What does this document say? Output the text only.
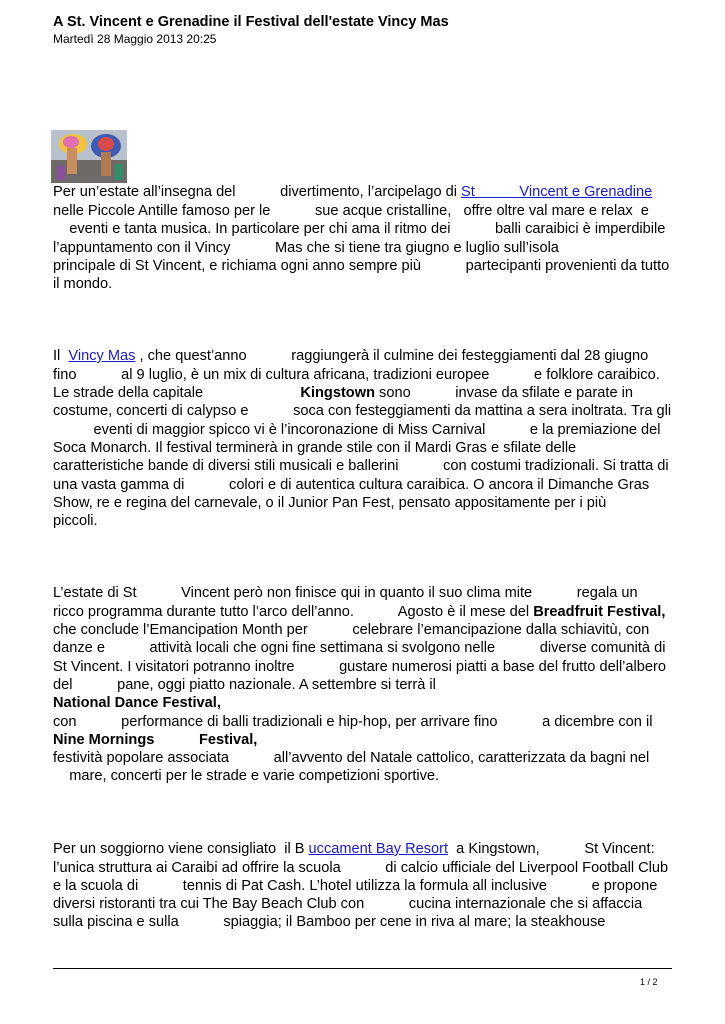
A St. Vincent e Grenadine il Festival dell'estate Vincy Mas
Martedì 28 Maggio 2013 20:25
Per un’estate all’insegna del           divertimento, l’arcipelago di St           Vincent e Grenadine
nelle Piccole Antille famoso per le           sue acque cristalline,   offre oltre val mare e relax  e
eventi e tanta musica. In particolare per chi ama il ritmo dei           balli caraibici è imperdibile
l’appuntamento con il Vincy           Mas che si tiene tra giugno e luglio sull’isola
principale di St Vincent, e richiama ogni anno sempre più           partecipanti provenienti da tutto
il mondo.
Il  Vincy Mas , che quest’anno           raggiungerà il culmine dei festeggiamenti dal 28 giugno
fino           al 9 luglio, è un mix di cultura africana, tradizioni europee           e folklore caraibico.
Le strade della capitale                        Kingstown sono           invase da sfilate e parate in
costume, concerti di calypso e           soca con festeggiamenti da mattina a sera inoltrata. Tra gli
eventi di maggior spicco vi è l’incoronazione di Miss Carnival           e la premiazione del
Soca Monarch. Il festival terminerà in grande stile con il Mardi Gras e sfilate delle
caratteristiche bande di diversi stili musicali e ballerini           con costumi tradizionali. Si tratta di
una vasta gamma di           colori e di autentica cultura caraibica. O ancora il Dimanche Gras
Show, re e regina del carnevale, o il Junior Pan Fest, pensato appositamente per i più
piccoli.
L’estate di St           Vincent però non finisce qui in quanto il suo clima mite           regala un
ricco programma durante tutto l’arco dell’anno.           Agosto è il mese del Breadfruit Festival,
che conclude l’Emancipation Month per           celebrare l’emancipazione dalla schiavitù, con
danze e           attività locali che ogni fine settimana si svolgono nelle           diverse comunità di
St Vincent. I visitatori potranno inoltre           gustare numerosi piatti a base del frutto dell’albero
del           pane, oggi piatto nazionale. A settembre si terrà il
National Dance Festival,
con           performance di balli tradizionali e hip-hop, per arrivare fino           a dicembre con il
Nine Mornings           Festival,
festività popolare associata           all’avvento del Natale cattolico, caratterizzata da bagni nel
mare, concerti per le strade e varie competizioni sportive.
Per un soggiorno viene consigliato  il B uccament Bay Resort  a Kingstown,           St Vincent:
l’unica struttura ai Caraibi ad offrire la scuola           di calcio ufficiale del Liverpool Football Club
e la scuola di           tennis di Pat Cash. L’hotel utilizza la formula all inclusive           e propone
diversi ristoranti tra cui The Bay Beach Club con           cucina internazionale che si affaccia
sulla piscina e sulla           spiaggia; il Bamboo per cene in riva al mare; la steakhouse
1 / 2
